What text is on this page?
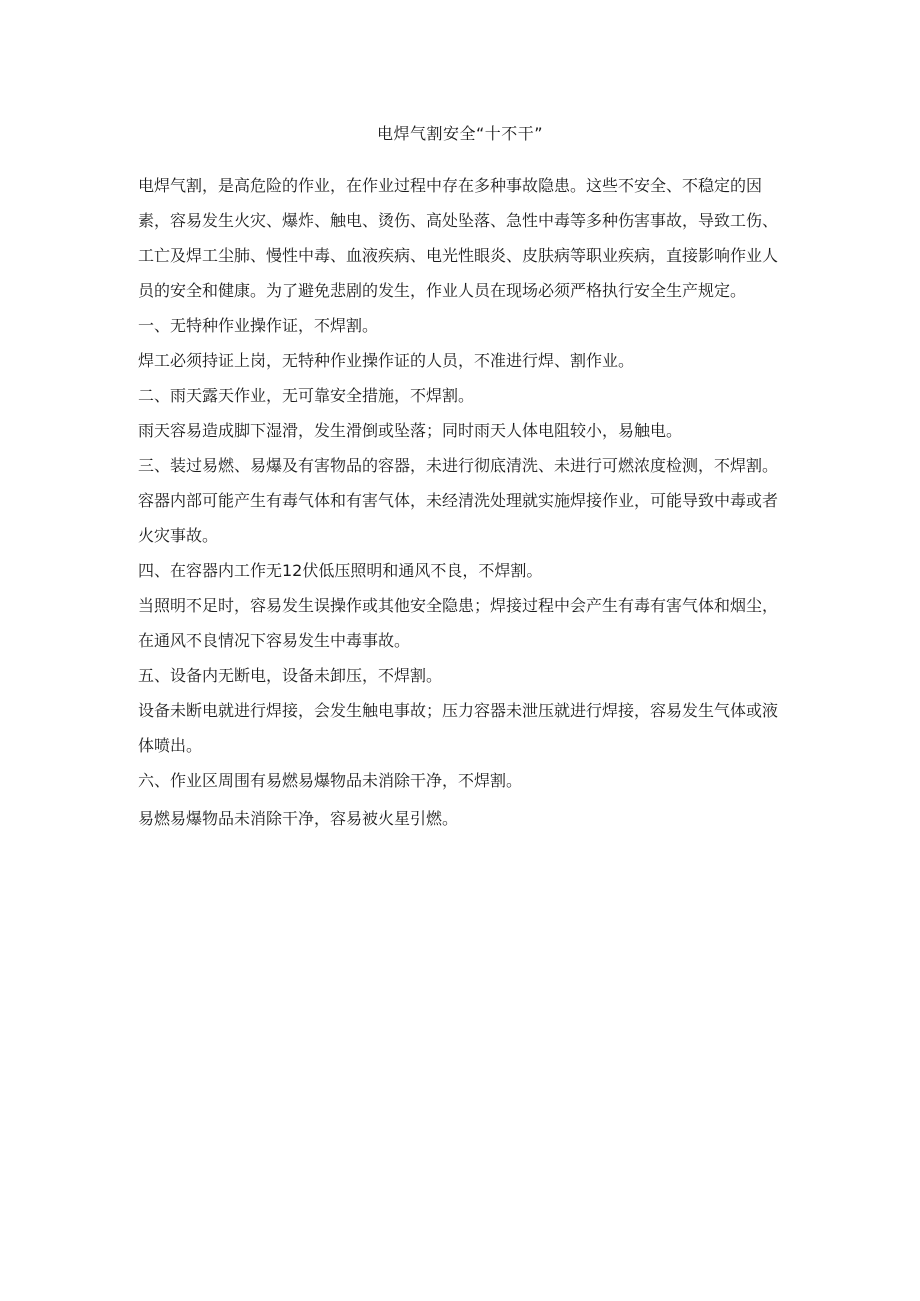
电焊气割安全“十不干”

电焊气割，是高危险的作业，在作业过程中存在多种事故隐患。这些不安全、不稳定的因素，容易发生火灾、爆炸、触电、烫伤、高处坠落、急性中毒等多种伤害事故，导致工伤、工亡及焊工尘肺、慢性中毒、血液疾病、电光性眼炎、皮肤病等职业疾病，直接影响作业人员的安全和健康。为了避免悲剧的发生，作业人员在现场必须严格执行安全生产规定。

一、无特种作业操作证，不焊割。

焊工必须持证上岗，无特种作业操作证的人员，不准进行焊、割作业。

二、雨天露天作业，无可靠安全措施，不焊割。

雨天容易造成脚下湿滑，发生滑倒或坠落；同时雨天人体电阻较小，易触电。

三、装过易燃、易爆及有害物品的容器，未进行彻底清洗、未进行可燃浓度检测，不焊割。

容器内部可能产生有毒气体和有害气体，未经清洗处理就实施焊接作业，可能导致中毒或者火灾事故。

四、在容器内工作无12伏低压照明和通风不良，不焊割。

当照明不足时，容易发生误操作或其他安全隐患；焊接过程中会产生有毒有害气体和烟尘，在通风不良情况下容易发生中毒事故。

五、设备内无断电，设备未卸压，不焊割。

设备未断电就进行焊接，会发生触电事故；压力容器未泄压就进行焊接，容易发生气体或液体喷出。

六、作业区周围有易燃易爆物品未消除干净，不焊割。

易燃易爆物品未消除干净，容易被火星引燃。
